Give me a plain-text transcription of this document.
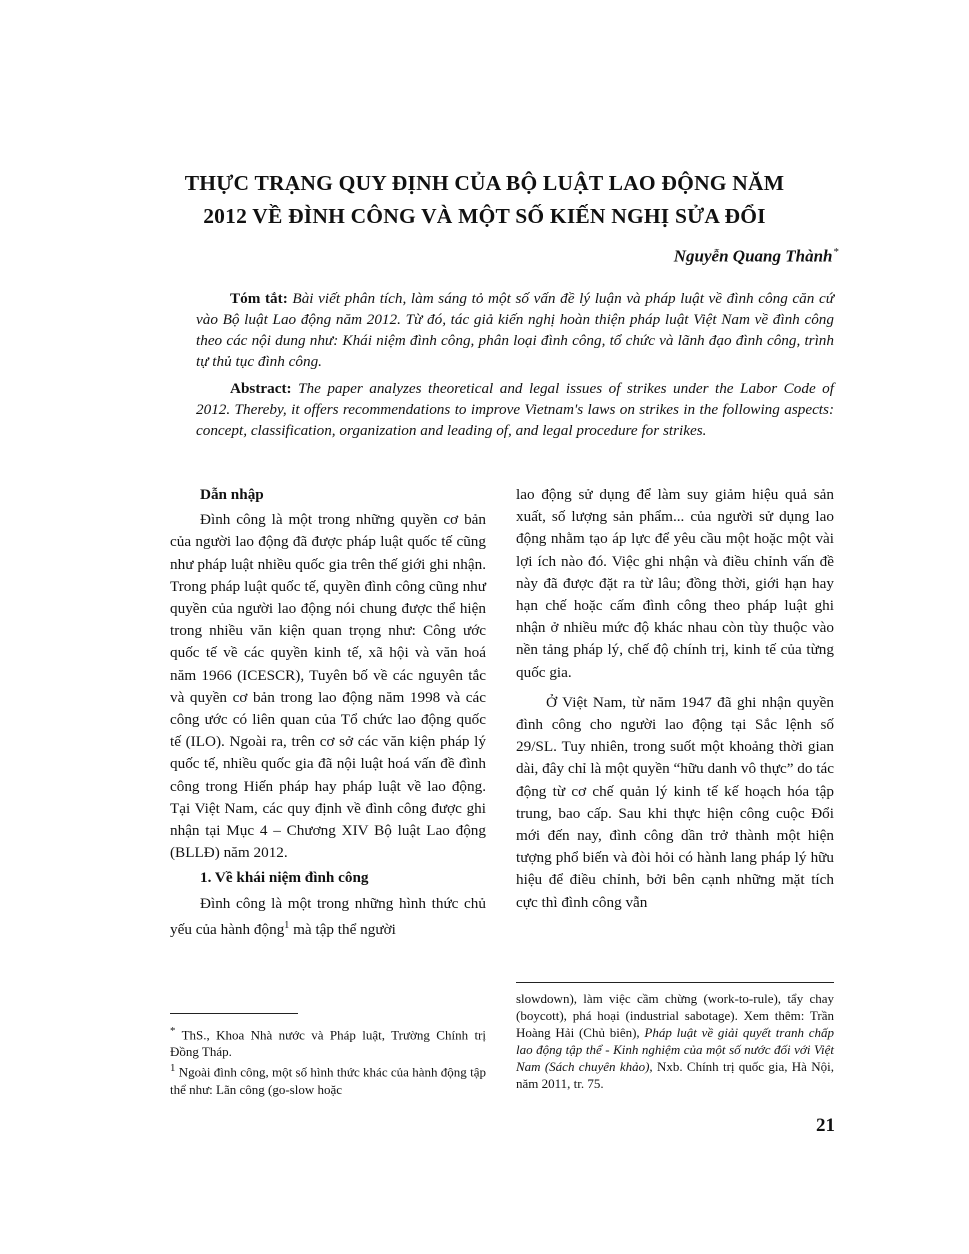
THỰC TRẠNG QUY ĐỊNH CỦA BỘ LUẬT LAO ĐỘNG NĂM
2012 VỀ ĐÌNH CÔNG VÀ MỘT SỐ KIẾN NGHỊ SỬA ĐỔI
Nguyễn Quang Thành*
Tóm tắt: Bài viết phân tích, làm sáng tỏ một số vấn đề lý luận và pháp luật về đình công căn cứ vào Bộ luật Lao động năm 2012. Từ đó, tác giả kiến nghị hoàn thiện pháp luật Việt Nam về đình công theo các nội dung như: Khái niệm đình công, phân loại đình công, tổ chức và lãnh đạo đình công, trình tự thủ tục đình công.
Abstract: The paper analyzes theoretical and legal issues of strikes under the Labor Code of 2012. Thereby, it offers recommendations to improve Vietnam's laws on strikes in the following aspects: concept, classification, organization and leading of, and legal procedure for strikes.
Dẫn nhập

Đình công là một trong những quyền cơ bản của người lao động đã được pháp luật quốc tế cũng như pháp luật nhiều quốc gia trên thế giới ghi nhận. Trong pháp luật quốc tế, quyền đình công cũng như quyền của người lao động nói chung được thể hiện trong nhiều văn kiện quan trọng như: Công ước quốc tế về các quyền kinh tế, xã hội và văn hoá năm 1966 (ICESCR), Tuyên bố về các nguyên tắc và quyền cơ bản trong lao động năm 1998 và các công ước có liên quan của Tổ chức lao động quốc tế (ILO). Ngoài ra, trên cơ sở các văn kiện pháp lý quốc tế, nhiều quốc gia đã nội luật hoá vấn đề đình công trong Hiến pháp hay pháp luật về lao động. Tại Việt Nam, các quy định về đình công được ghi nhận tại Mục 4 – Chương XIV Bộ luật Lao động (BLLĐ) năm 2012.

1. Về khái niệm đình công

Đình công là một trong những hình thức chủ yếu của hành động$^1$ mà tập thể người

lao động sử dụng để làm suy giảm hiệu quả sản xuất, số lượng sản phẩm... của người sử dụng lao động nhằm tạo áp lực để yêu cầu một hoặc một vài lợi ích nào đó. Việc ghi nhận và điều chỉnh vấn đề này đã được đặt ra từ lâu; đồng thời, giới hạn hay hạn chế hoặc cấm đình công theo pháp luật ghi nhận ở nhiều mức độ khác nhau còn tùy thuộc vào nền tảng pháp lý, chế độ chính trị, kinh tế của từng quốc gia.

Ở Việt Nam, từ năm 1947 đã ghi nhận quyền đình công cho người lao động tại Sắc lệnh số 29/SL. Tuy nhiên, trong suốt một khoảng thời gian dài, đây chỉ là một quyền “hữu danh vô thực” do tác động từ cơ chế quản lý kinh tế kế hoạch hóa tập trung, bao cấp. Sau khi thực hiện công cuộc Đổi mới đến nay, đình công dần trở thành một hiện tượng phổ biến và đòi hỏi có hành lang pháp lý hữu hiệu để điều chỉnh, bởi bên cạnh những mặt tích cực thì đình công vẫn

* ThS., Khoa Nhà nước và Pháp luật, Trường Chính trị Đồng Tháp.

$^1$ Ngoài đình công, một số hình thức khác của hành động tập thể như: Lãn công (go-slow hoặc

slowdown), làm việc cầm chừng (work-to-rule), tẩy chay (boycott), phá hoại (industrial sabotage). Xem thêm: Trần Hoàng Hải (Chủ biên), Pháp luật về giải quyết tranh chấp lao động tập thể - Kinh nghiệm của một số nước đối với Việt Nam (Sách chuyên khảo), Nxb. Chính trị quốc gia, Hà Nội, năm 2011, tr. 75.

21
